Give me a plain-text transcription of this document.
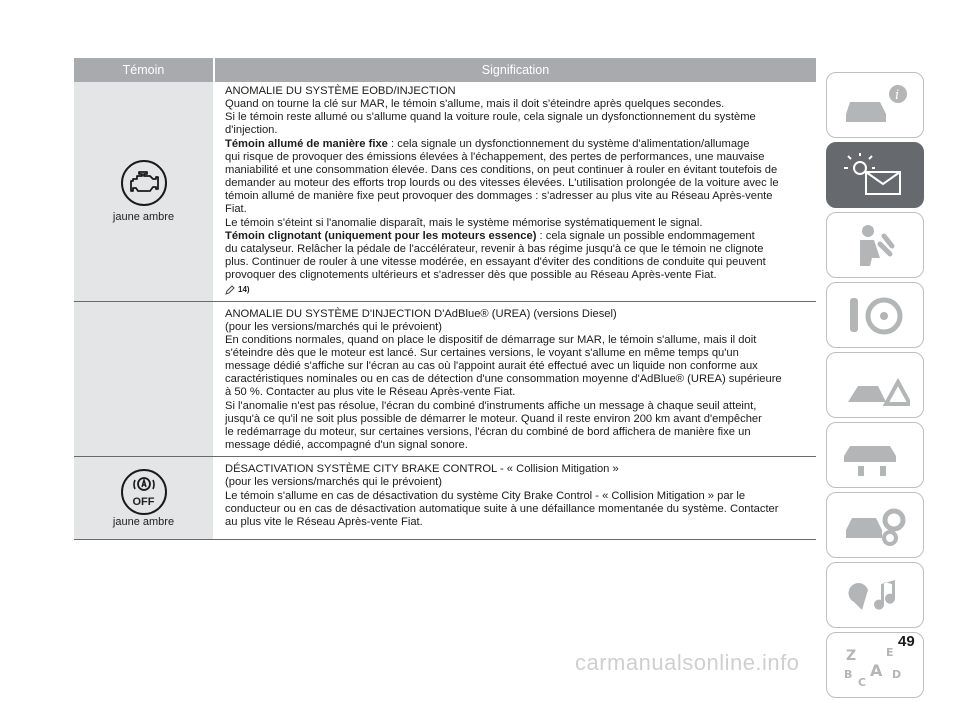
Témoin	Signification
jaune ambre

ANOMALIE DU SYSTÈME EOBD/INJECTION

Quand on tourne la clé sur MAR, le témoin s'allume, mais il doit s'éteindre après quelques secondes.

Si le témoin reste allumé ou s'allume quand la voiture roule, cela signale un dysfonctionnement du système

d'injection.

Témoin allumé de manière fixe : cela signale un dysfonctionnement du système d'alimentation/allumage

qui risque de provoquer des émissions élevées à l'échappement, des pertes de performances, une mauvaise

maniabilité et une consommation élevée. Dans ces conditions, on peut continuer à rouler en évitant toutefois de

demander au moteur des efforts trop lourds ou des vitesses élevées. L'utilisation prolongée de la voiture avec le

témoin allumé de manière fixe peut provoquer des dommages : s'adresser au plus vite au Réseau Après-vente

Fiat.

Le témoin s'éteint si l'anomalie disparaît, mais le système mémorise systématiquement le signal.

Témoin clignotant (uniquement pour les moteurs essence) : cela signale un possible endommagement

du catalyseur. Relâcher la pédale de l'accélérateur, revenir à bas régime jusqu'à ce que le témoin ne clignote

plus. Continuer de rouler à une vitesse modérée, en essayant d'éviter des conditions de conduite qui peuvent

provoquer des clignotements ultérieurs et s'adresser dès que possible au Réseau Après-vente Fiat.

14)

ANOMALIE DU SYSTÈME D'INJECTION D'AdBlue® (UREA) (versions Diesel)

(pour les versions/marchés qui le prévoient)

En conditions normales, quand on place le dispositif de démarrage sur MAR, le témoin s'allume, mais il doit

s'éteindre dès que le moteur est lancé. Sur certaines versions, le voyant s'allume en même temps qu'un

message dédié s'affiche sur l'écran au cas où l'appoint aurait été effectué avec un liquide non conforme aux

caractéristiques nominales ou en cas de détection d'une consommation moyenne d'AdBlue® (UREA) supérieure

à 50 %. Contacter au plus vite le Réseau Après-vente Fiat.

Si l'anomalie n'est pas résolue, l'écran du combiné d'instruments affiche un message à chaque seuil atteint,

jusqu'à ce qu'il ne soit plus possible de démarrer le moteur. Quand il reste environ 200 km avant d'empêcher

le redémarrage du moteur, sur certaines versions, l'écran du combiné de bord affichera de manière fixe un

message dédié, accompagné d'un signal sonore.

OFF
jaune ambre

DÉSACTIVATION SYSTÈME CITY BRAKE CONTROL - « Collision Mitigation »

(pour les versions/marchés qui le prévoient)

Le témoin s'allume en cas de désactivation du système City Brake Control - « Collision Mitigation » par le

conducteur ou en cas de désactivation automatique suite à une défaillance momentanée du système. Contacter

au plus vite le Réseau Après-vente Fiat.

i
Z	E
B A D
C
49
carmanualsonline.info
